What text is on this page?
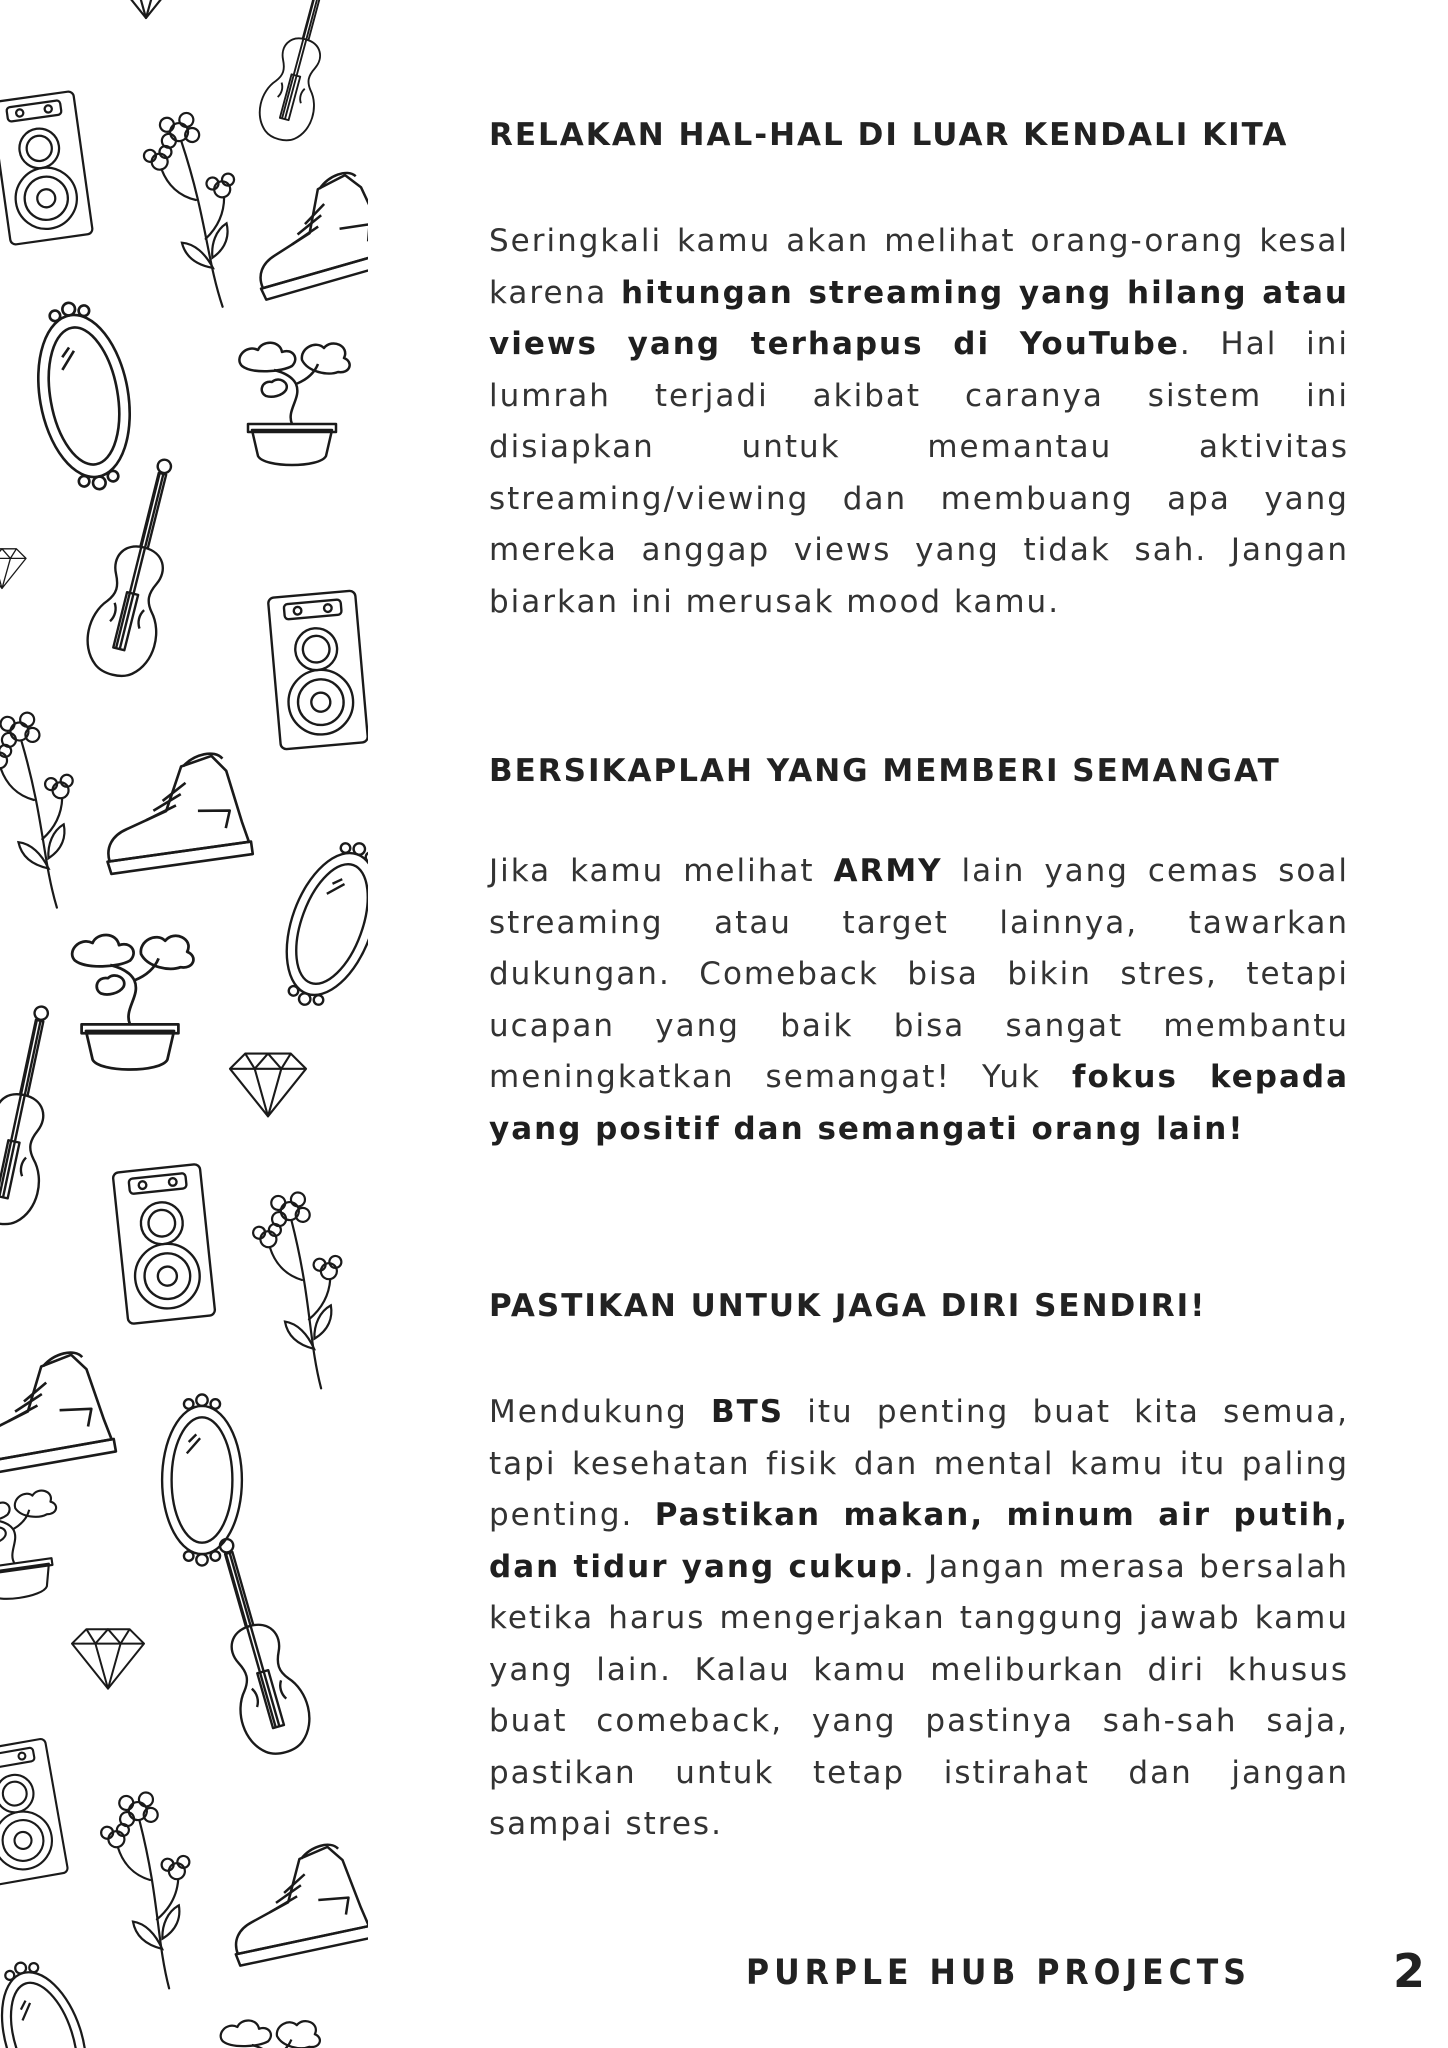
RELAKAN HAL-HAL DI LUAR KENDALI KITA

Seringkali kamu akan melihat orang-orang kesal karena hitungan streaming yang hilang atau views yang terhapus di YouTube. Hal ini lumrah terjadi akibat caranya sistem ini disiapkan untuk memantau aktivitas streaming/viewing dan membuang apa yang mereka anggap views yang tidak sah. Jangan biarkan ini merusak mood kamu.

BERSIKAPLAH YANG MEMBERI SEMANGAT

Jika kamu melihat ARMY lain yang cemas soal streaming atau target lainnya, tawarkan dukungan. Comeback bisa bikin stres, tetapi ucapan yang baik bisa sangat membantu meningkatkan semangat! Yuk fokus kepada yang positif dan semangati orang lain!

PASTIKAN UNTUK JAGA DIRI SENDIRI!

Mendukung BTS itu penting buat kita semua, tapi kesehatan fisik dan mental kamu itu paling penting. Pastikan makan, minum air putih, dan tidur yang cukup. Jangan merasa bersalah ketika harus mengerjakan tanggung jawab kamu yang lain. Kalau kamu meliburkan diri khusus buat comeback, yang pastinya sah-sah saja, pastikan untuk tetap istirahat dan jangan sampai stres.

PURPLE HUB PROJECTS	2
